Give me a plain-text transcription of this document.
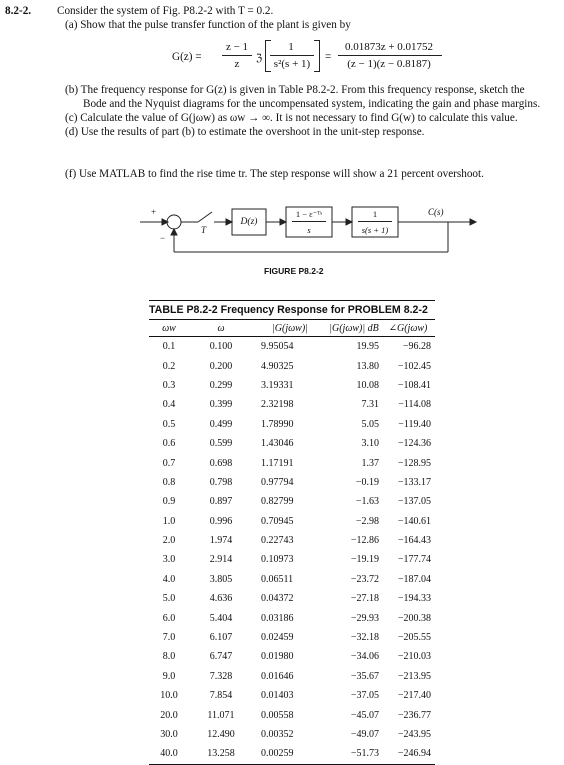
8.2-2. Consider the system of Fig. P8.2-2 with T = 0.2.
(a) Show that the pulse transfer function of the plant is given by
G(z) =
z − 1
z	ℨ
1
s²(s + 1)
=
0.01873z + 0.01752
(z − 1)(z − 0.8187)
(b) The frequency response for G(z) is given in Table P8.2-2. From this frequency response, sketch the
Bode and the Nyquist diagrams for the uncompensated system, indicating the gain and phase margins.
(c) Calculate the value of G(jωw) as ωw → ∞. It is not necessary to find G(w) to calculate this value.
(d) Use the results of part (b) to estimate the overshoot in the unit-step response.
(f) Use MATLAB to find the rise time tr. The step response will show a 21 percent overshoot.
+
−
T
D(z)
1 − ε⁻ᵀˢ
s
1
s(s + 1)
C(s)
FIGURE P8.2-2
TABLE P8.2-2 Frequency Response for PROBLEM 8.2-2
ωw	ω	|G(jωw)|	|G(jωw)| dB	∠G(jωw)
0.1	0.100	9.95054	19.95	−96.28
0.2	0.200	4.90325	13.80	−102.45
0.3	0.299	3.19331	10.08	−108.41
0.4	0.399	2.32198	7.31	−114.08
0.5	0.499	1.78990	5.05	−119.40
0.6	0.599	1.43046	3.10	−124.36
0.7	0.698	1.17191	1.37	−128.95
0.8	0.798	0.97794	−0.19	−133.17
0.9	0.897	0.82799	−1.63	−137.05
1.0	0.996	0.70945	−2.98	−140.61
2.0	1.974	0.22743	−12.86	−164.43
3.0	2.914	0.10973	−19.19	−177.74
4.0	3.805	0.06511	−23.72	−187.04
5.0	4.636	0.04372	−27.18	−194.33
6.0	5.404	0.03186	−29.93	−200.38
7.0	6.107	0.02459	−32.18	−205.55
8.0	6.747	0.01980	−34.06	−210.03
9.0	7.328	0.01646	−35.67	−213.95
10.0	7.854	0.01403	−37.05	−217.40
20.0	11.071	0.00558	−45.07	−236.77
30.0	12.490	0.00352	−49.07	−243.95
40.0	13.258	0.00259	−51.73	−246.94
